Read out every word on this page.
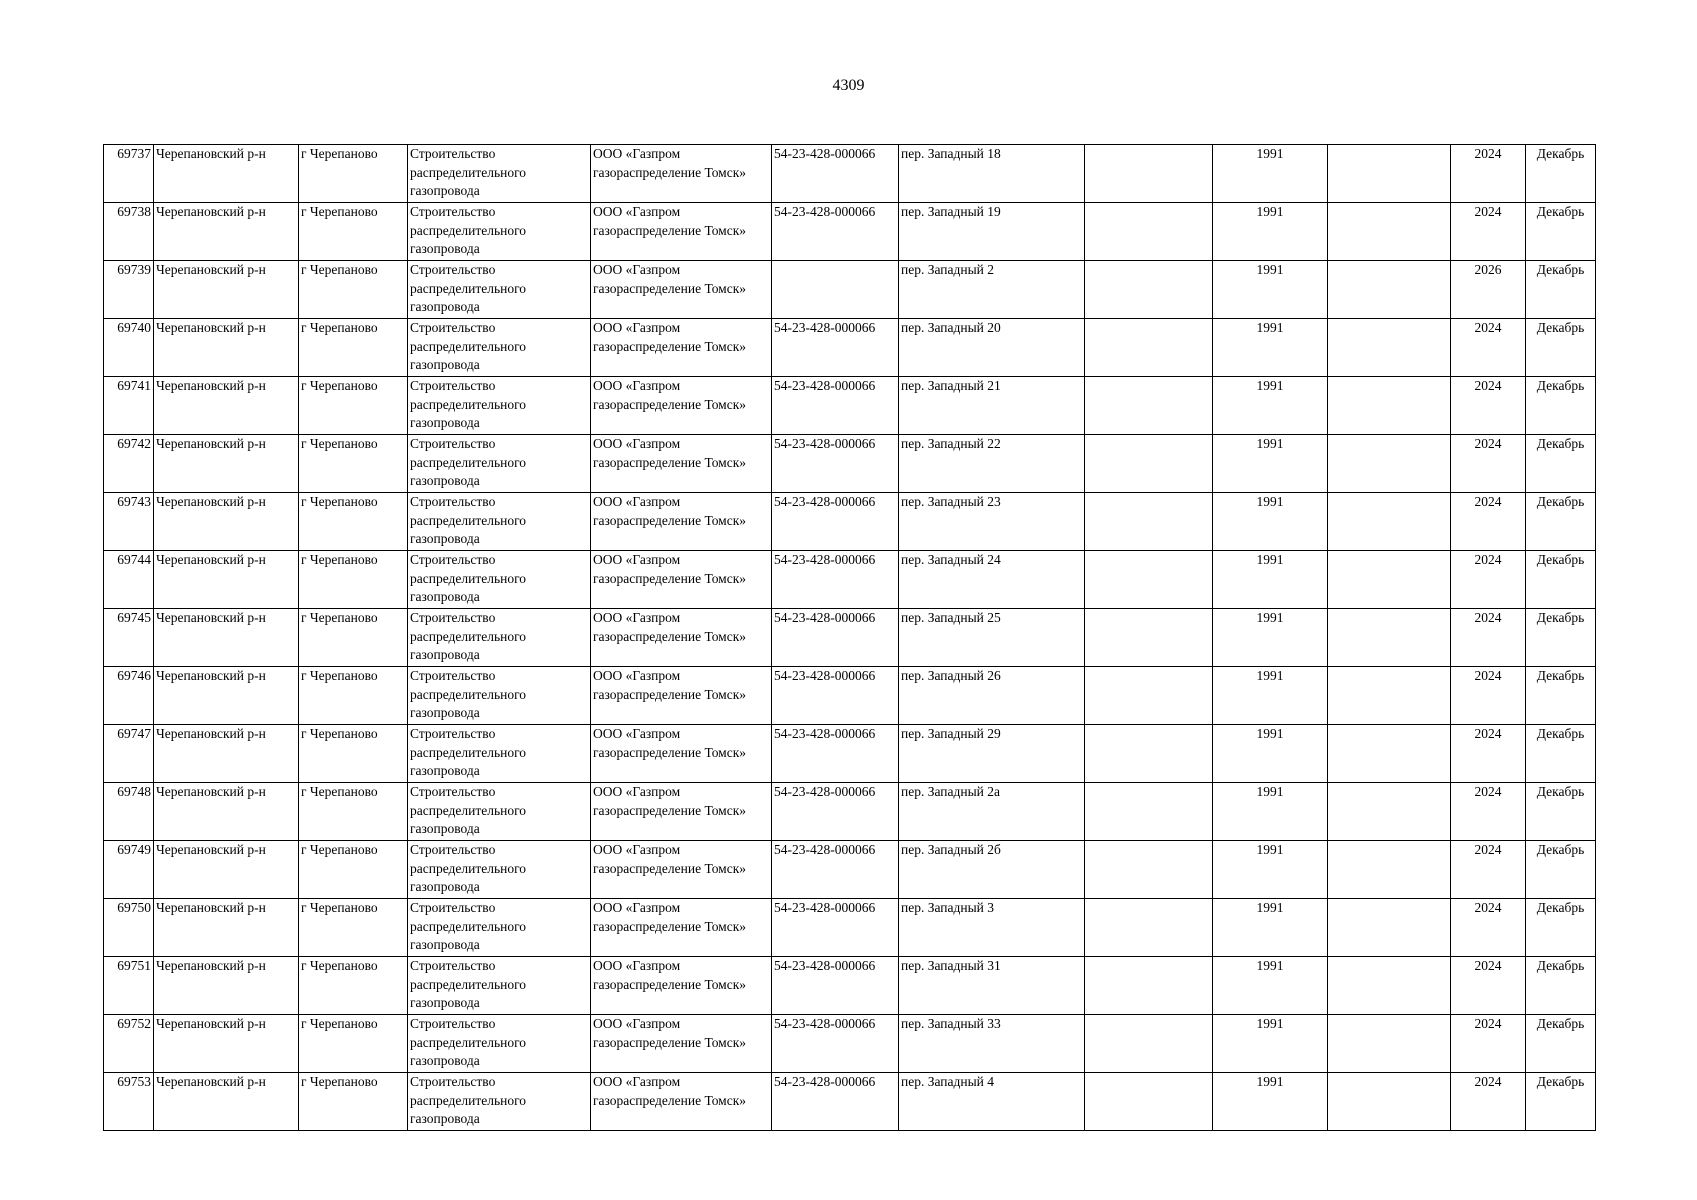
4309
69737	Черепановский р-н	г Черепаново	Строительство распределительного газопровода	ООО «Газпром газораспределение Томск»	54-23-428-000066	пер. Западный 18		1991		2024	Декабрь
69738	Черепановский р-н	г Черепаново	Строительство распределительного газопровода	ООО «Газпром газораспределение Томск»	54-23-428-000066	пер. Западный 19		1991		2024	Декабрь
69739	Черепановский р-н	г Черепаново	Строительство распределительного газопровода	ООО «Газпром газораспределение Томск»		пер. Западный 2		1991		2026	Декабрь
69740	Черепановский р-н	г Черепаново	Строительство распределительного газопровода	ООО «Газпром газораспределение Томск»	54-23-428-000066	пер. Западный 20		1991		2024	Декабрь
69741	Черепановский р-н	г Черепаново	Строительство распределительного газопровода	ООО «Газпром газораспределение Томск»	54-23-428-000066	пер. Западный 21		1991		2024	Декабрь
69742	Черепановский р-н	г Черепаново	Строительство распределительного газопровода	ООО «Газпром газораспределение Томск»	54-23-428-000066	пер. Западный 22		1991		2024	Декабрь
69743	Черепановский р-н	г Черепаново	Строительство распределительного газопровода	ООО «Газпром газораспределение Томск»	54-23-428-000066	пер. Западный 23		1991		2024	Декабрь
69744	Черепановский р-н	г Черепаново	Строительство распределительного газопровода	ООО «Газпром газораспределение Томск»	54-23-428-000066	пер. Западный 24		1991		2024	Декабрь
69745	Черепановский р-н	г Черепаново	Строительство распределительного газопровода	ООО «Газпром газораспределение Томск»	54-23-428-000066	пер. Западный 25		1991		2024	Декабрь
69746	Черепановский р-н	г Черепаново	Строительство распределительного газопровода	ООО «Газпром газораспределение Томск»	54-23-428-000066	пер. Западный 26		1991		2024	Декабрь
69747	Черепановский р-н	г Черепаново	Строительство распределительного газопровода	ООО «Газпром газораспределение Томск»	54-23-428-000066	пер. Западный 29		1991		2024	Декабрь
69748	Черепановский р-н	г Черепаново	Строительство распределительного газопровода	ООО «Газпром газораспределение Томск»	54-23-428-000066	пер. Западный 2а		1991		2024	Декабрь
69749	Черепановский р-н	г Черепаново	Строительство распределительного газопровода	ООО «Газпром газораспределение Томск»	54-23-428-000066	пер. Западный 2б		1991		2024	Декабрь
69750	Черепановский р-н	г Черепаново	Строительство распределительного газопровода	ООО «Газпром газораспределение Томск»	54-23-428-000066	пер. Западный 3		1991		2024	Декабрь
69751	Черепановский р-н	г Черепаново	Строительство распределительного газопровода	ООО «Газпром газораспределение Томск»	54-23-428-000066	пер. Западный 31		1991		2024	Декабрь
69752	Черепановский р-н	г Черепаново	Строительство распределительного газопровода	ООО «Газпром газораспределение Томск»	54-23-428-000066	пер. Западный 33		1991		2024	Декабрь
69753	Черепановский р-н	г Черепаново	Строительство распределительного газопровода	ООО «Газпром газораспределение Томск»	54-23-428-000066	пер. Западный 4		1991		2024	Декабрь
